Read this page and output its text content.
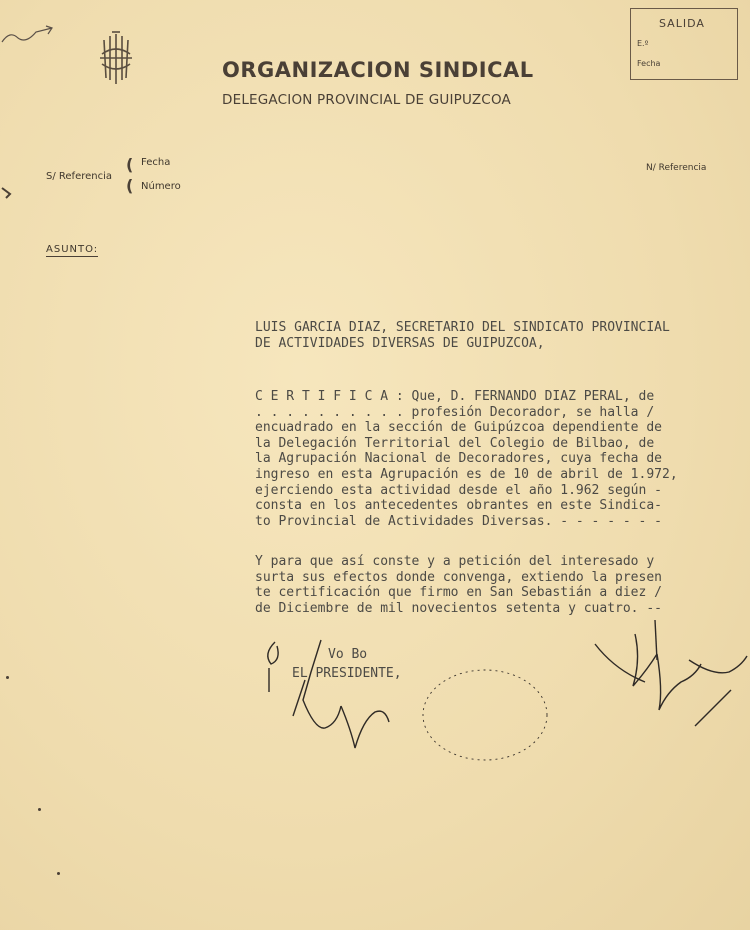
ORGANIZACION SINDICAL
DELEGACION PROVINCIAL DE GUIPUZCOA
SALIDA
E.º
Fecha
S/ Referencia
(
(
Fecha
Número
N/ Referencia
ASUNTO:
LUIS GARCIA DIAZ, SECRETARIO DEL SINDICATO PROVINCIAL
DE ACTIVIDADES DIVERSAS DE GUIPUZCOA,
C E R T I F I C A : Que, D. FERNANDO DIAZ PERAL, de
. . . . . . . . . . profesión Decorador, se halla /
encuadrado en la sección de Guipúzcoa dependiente de
la Delegación Territorial del Colegio de Bilbao, de
la Agrupación Nacional de Decoradores, cuya fecha de
ingreso en esta Agrupación es de 10 de abril de 1.972,
ejerciendo esta actividad desde el año 1.962 según -
consta en los antecedentes obrantes en este Sindica-
to Provincial de Actividades Diversas. - - - - - - -
Y para que así conste y a petición del interesado y
surta sus efectos donde convenga, extiendo la presen
te certificación que firmo en San Sebastián a diez /
de Diciembre de mil novecientos setenta y cuatro. --
Vo Bo
EL PRESIDENTE,
